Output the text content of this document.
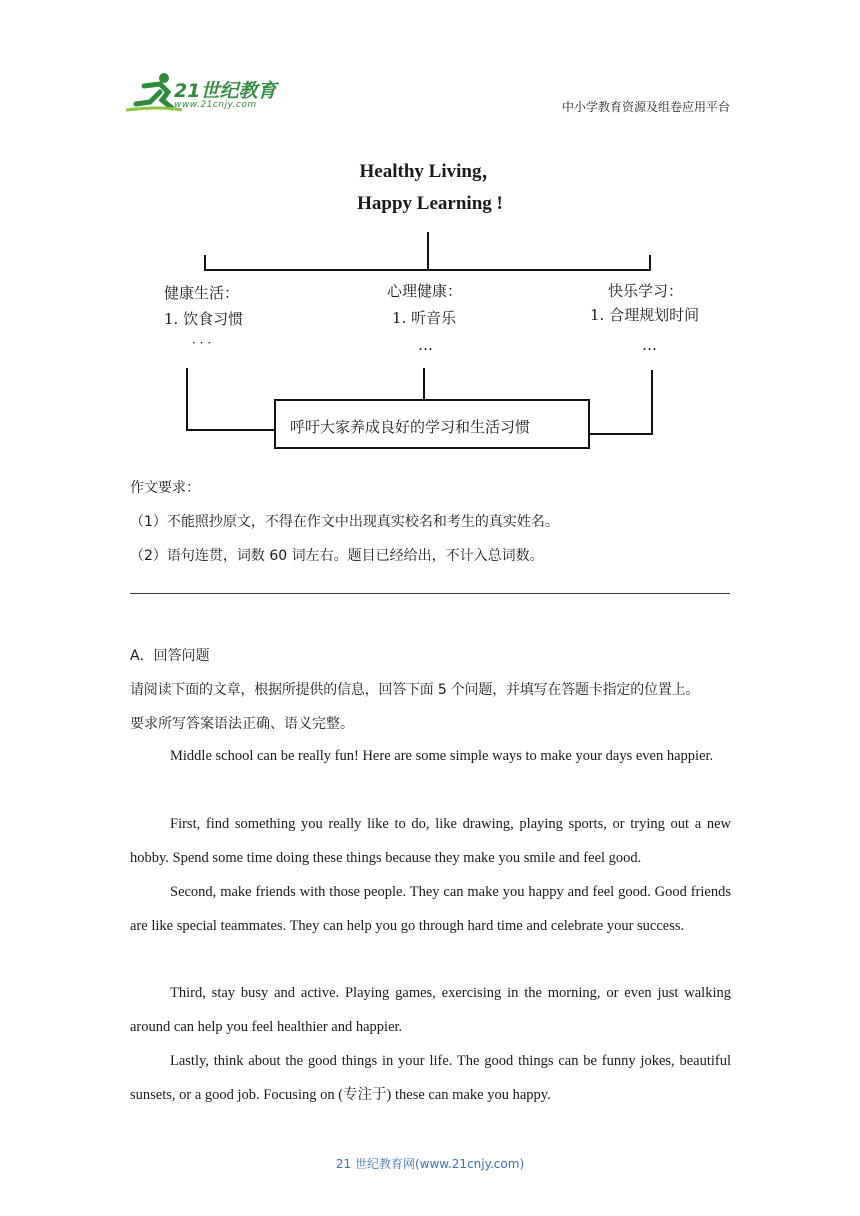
21世纪教育
www.21cnjy.com	中小学教育资源及组卷应用平台
Healthy Living，
Happy Learning !
健康生活：
1. 饮食习惯
· · ·
心理健康：
1. 听音乐
…
快乐学习：
1. 合理规划时间
…
呼吁大家养成良好的学习和生活习惯
作文要求：
（1）不能照抄原文，不得在作文中出现真实校名和考生的真实姓名。
（2）语句连贯，词数 60 词左右。题目已经给出，不计入总词数。
A．回答问题
请阅读下面的文章，根据所提供的信息，回答下面 5 个问题，并填写在答题卡指定的位置上。
要求所写答案语法正确、语义完整。
Middle school can be really fun! Here are some simple ways to make your days even happier.
First, find something you really like to do, like drawing, playing sports, or trying out a new hobby. Spend some time doing these things because they make you smile and feel good.
Second, make friends with those people. They can make you happy and feel good. Good friends are like special teammates. They can help you go through hard time and celebrate your success.
Third, stay busy and active. Playing games, exercising in the morning, or even just walking around can help you feel healthier and happier.
Lastly, think about the good things in your life. The good things can be funny jokes, beautiful sunsets, or a good job. Focusing on (专注于) these can make you happy.
21 世纪教育网(www.21cnjy.com)
